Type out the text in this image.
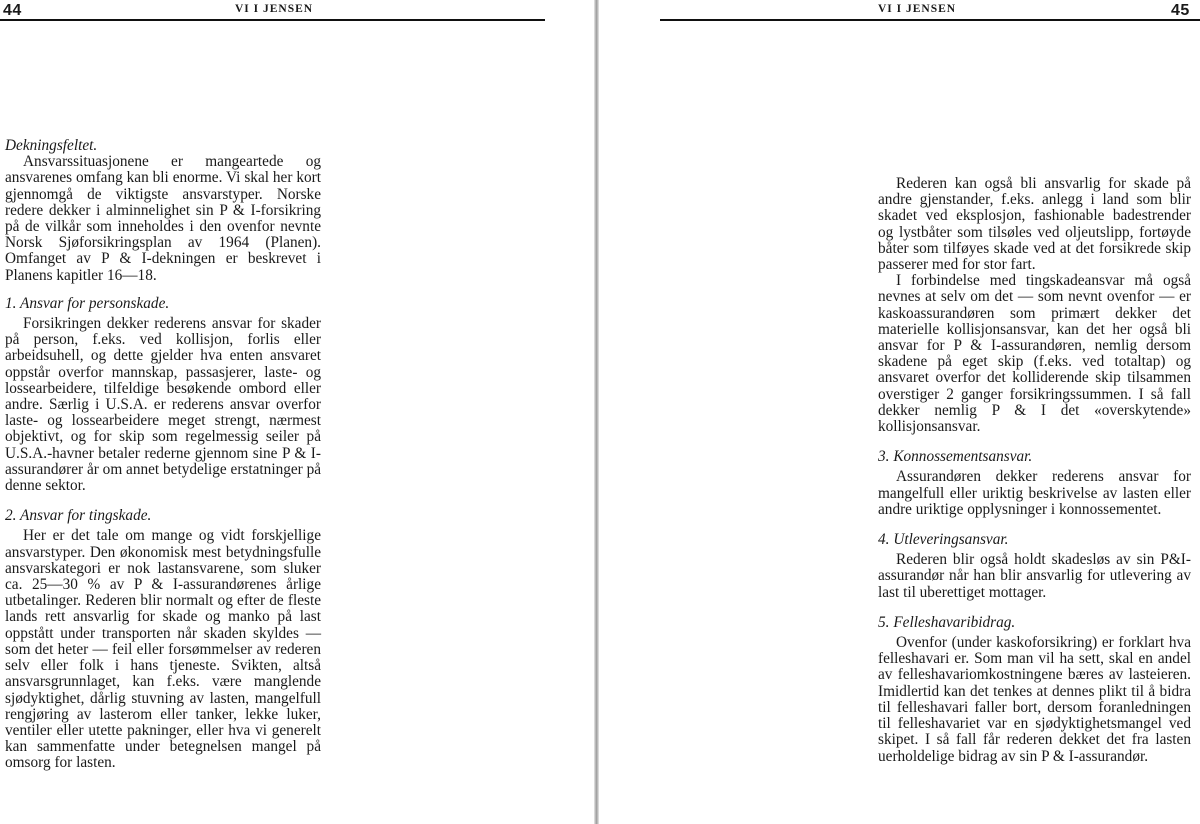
44	VI I JENSEN
Dekningsfeltet.

Ansvarssituasjonene er mangeartede og ansvarenes omfang kan bli enorme. Vi skal her kort gjennomgå de viktigste ansvarstyper. Norske redere dekker i alminnelighet sin P & I-forsikring på de vilkår som inneholdes i den ovenfor nevnte Norsk Sjøforsikringsplan av 1964 (Planen). Omfanget av P & I-dekningen er beskrevet i Planens kapitler 16—18.

1. Ansvar for personskade.

Forsikringen dekker rederens ansvar for skader på person, f.eks. ved kollisjon, forlis eller arbeidsuhell, og dette gjelder hva enten ansvaret oppstår overfor mannskap, passasjerer, laste- og lossearbeidere, tilfeldige besøkende ombord eller andre. Særlig i U.S.A. er rederens ansvar overfor laste- og lossearbeidere meget strengt, nærmest objektivt, og for skip som regelmessig seiler på U.S.A.-havner betaler rederne gjennom sine P & I-assurandører år om annet betydelige erstatninger på denne sektor.

2. Ansvar for tingskade.

Her er det tale om mange og vidt forskjellige ansvarstyper. Den økonomisk mest betydningsfulle ansvarskategori er nok lastansvarene, som sluker ca. 25—30 % av P & I-assurandørenes årlige utbetalinger. Rederen blir normalt og efter de fleste lands rett ansvarlig for skade og manko på last oppstått under transporten når skaden skyldes — som det heter — feil eller forsømmelser av rederen selv eller folk i hans tjeneste. Svikten, altså ansvarsgrunnlaget, kan f.eks. være manglende sjødyktighet, dårlig stuvning av lasten, mangelfull rengjøring av lasterom eller tanker, lekke luker, ventiler eller utette pakninger, eller hva vi generelt kan sammenfatte under betegnelsen mangel på omsorg for lasten.

VI I JENSEN	45

Rederen kan også bli ansvarlig for skade på andre gjenstander, f.eks. anlegg i land som blir skadet ved eksplosjon, fashionable badestrender og lystbåter som tilsøles ved oljeutslipp, fortøyde båter som tilføyes skade ved at det forsikrede skip passerer med for stor fart.

I forbindelse med tingskadeansvar må også nevnes at selv om det — som nevnt ovenfor — er kaskoassurandøren som primært dekker det materielle kollisjonsansvar, kan det her også bli ansvar for P & I-assurandøren, nemlig dersom skadene på eget skip (f.eks. ved totaltap) og ansvaret overfor det kolliderende skip tilsammen overstiger 2 ganger forsikringssummen. I så fall dekker nemlig P & I det «overskytende» kollisjonsansvar.

3. Konnossementsansvar.

Assurandøren dekker rederens ansvar for mangelfull eller uriktig beskrivelse av lasten eller andre uriktige opplysninger i konnossementet.

4. Utleveringsansvar.

Rederen blir også holdt skadesløs av sin P&I-assurandør når han blir ansvarlig for utlevering av last til uberettiget mottager.

5. Felleshavaribidrag.

Ovenfor (under kaskoforsikring) er forklart hva felleshavari er. Som man vil ha sett, skal en andel av felleshavariomkostningene bæres av lasteieren. Imidlertid kan det tenkes at dennes plikt til å bidra til felleshavari faller bort, dersom foranledningen til felleshavariet var en sjødyktighetsmangel ved skipet. I så fall får rederen dekket det fra lasten uerholdelige bidrag av sin P & I-assurandør.
